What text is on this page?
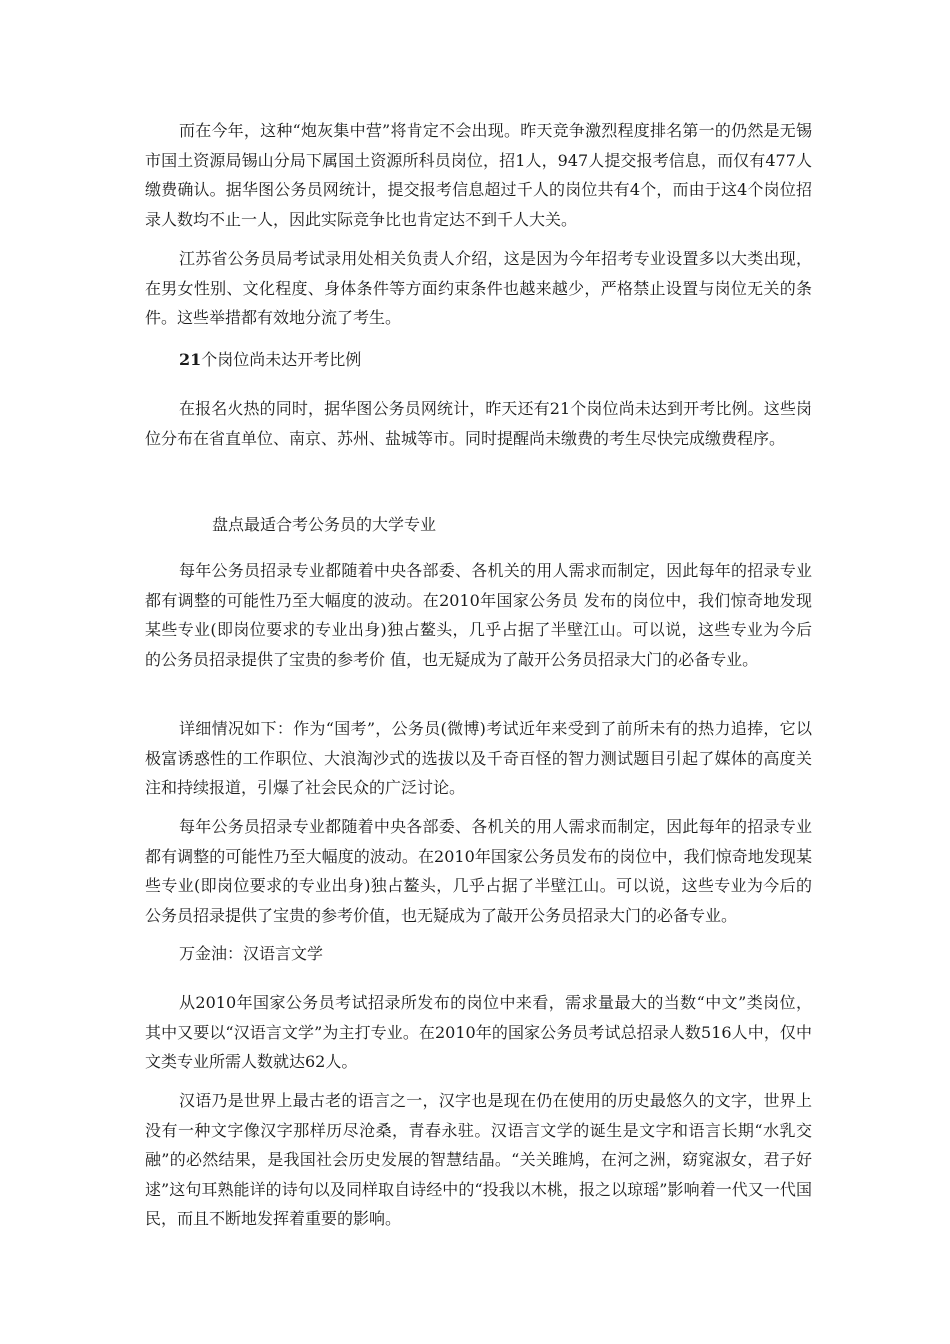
而在今年，这种“炮灰集中营”将肯定不会出现。昨天竞争激烈程度排名第一的仍然是无锡市国土资源局锡山分局下属国土资源所科员岗位，招1人，947人提交报考信息，而仅有477人缴费确认。据华图公务员网统计，提交报考信息超过千人的岗位共有4个，而由于这4个岗位招录人数均不止一人，因此实际竞争比也肯定达不到千人大关。

江苏省公务员局考试录用处相关负责人介绍，这是因为今年招考专业设置多以大类出现，在男女性别、文化程度、身体条件等方面约束条件也越来越少，严格禁止设置与岗位无关的条件。这些举措都有效地分流了考生。

21个岗位尚未达开考比例

在报名火热的同时，据华图公务员网统计，昨天还有21个岗位尚未达到开考比例。这些岗位分布在省直单位、南京、苏州、盐城等市。同时提醒尚未缴费的考生尽快完成缴费程序。

盘点最适合考公务员的大学专业

每年公务员招录专业都随着中央各部委、各机关的用人需求而制定，因此每年的招录专业都有调整的可能性乃至大幅度的波动。在2010年国家公务员 发布的岗位中，我们惊奇地发现某些专业(即岗位要求的专业出身)独占鳌头，几乎占据了半壁江山。可以说，这些专业为今后的公务员招录提供了宝贵的参考价 值，也无疑成为了敲开公务员招录大门的必备专业。

详细情况如下：作为“国考”，公务员(微博)考试近年来受到了前所未有的热力追捧，它以极富诱惑性的工作职位、大浪淘沙式的选拔以及千奇百怪的智力测试题目引起了媒体的高度关注和持续报道，引爆了社会民众的广泛讨论。

每年公务员招录专业都随着中央各部委、各机关的用人需求而制定，因此每年的招录专业都有调整的可能性乃至大幅度的波动。在2010年国家公务员发布的岗位中，我们惊奇地发现某些专业(即岗位要求的专业出身)独占鳌头，几乎占据了半壁江山。可以说，这些专业为今后的公务员招录提供了宝贵的参考价值，也无疑成为了敲开公务员招录大门的必备专业。

万金油：汉语言文学

从2010年国家公务员考试招录所发布的岗位中来看，需求量最大的当数“中文”类岗位，其中又要以“汉语言文学”为主打专业。在2010年的国家公务员考试总招录人数516人中，仅中文类专业所需人数就达62人。

汉语乃是世界上最古老的语言之一，汉字也是现在仍在使用的历史最悠久的文字，世界上没有一种文字像汉字那样历尽沧桑，青春永驻。汉语言文学的诞生是文字和语言长期“水乳交融”的必然结果，是我国社会历史发展的智慧结晶。“关关雎鸠，在河之洲，窈窕淑女，君子好逑”这句耳熟能详的诗句以及同样取自诗经中的“投我以木桃，报之以琼瑶”影响着一代又一代国民，而且不断地发挥着重要的影响。
